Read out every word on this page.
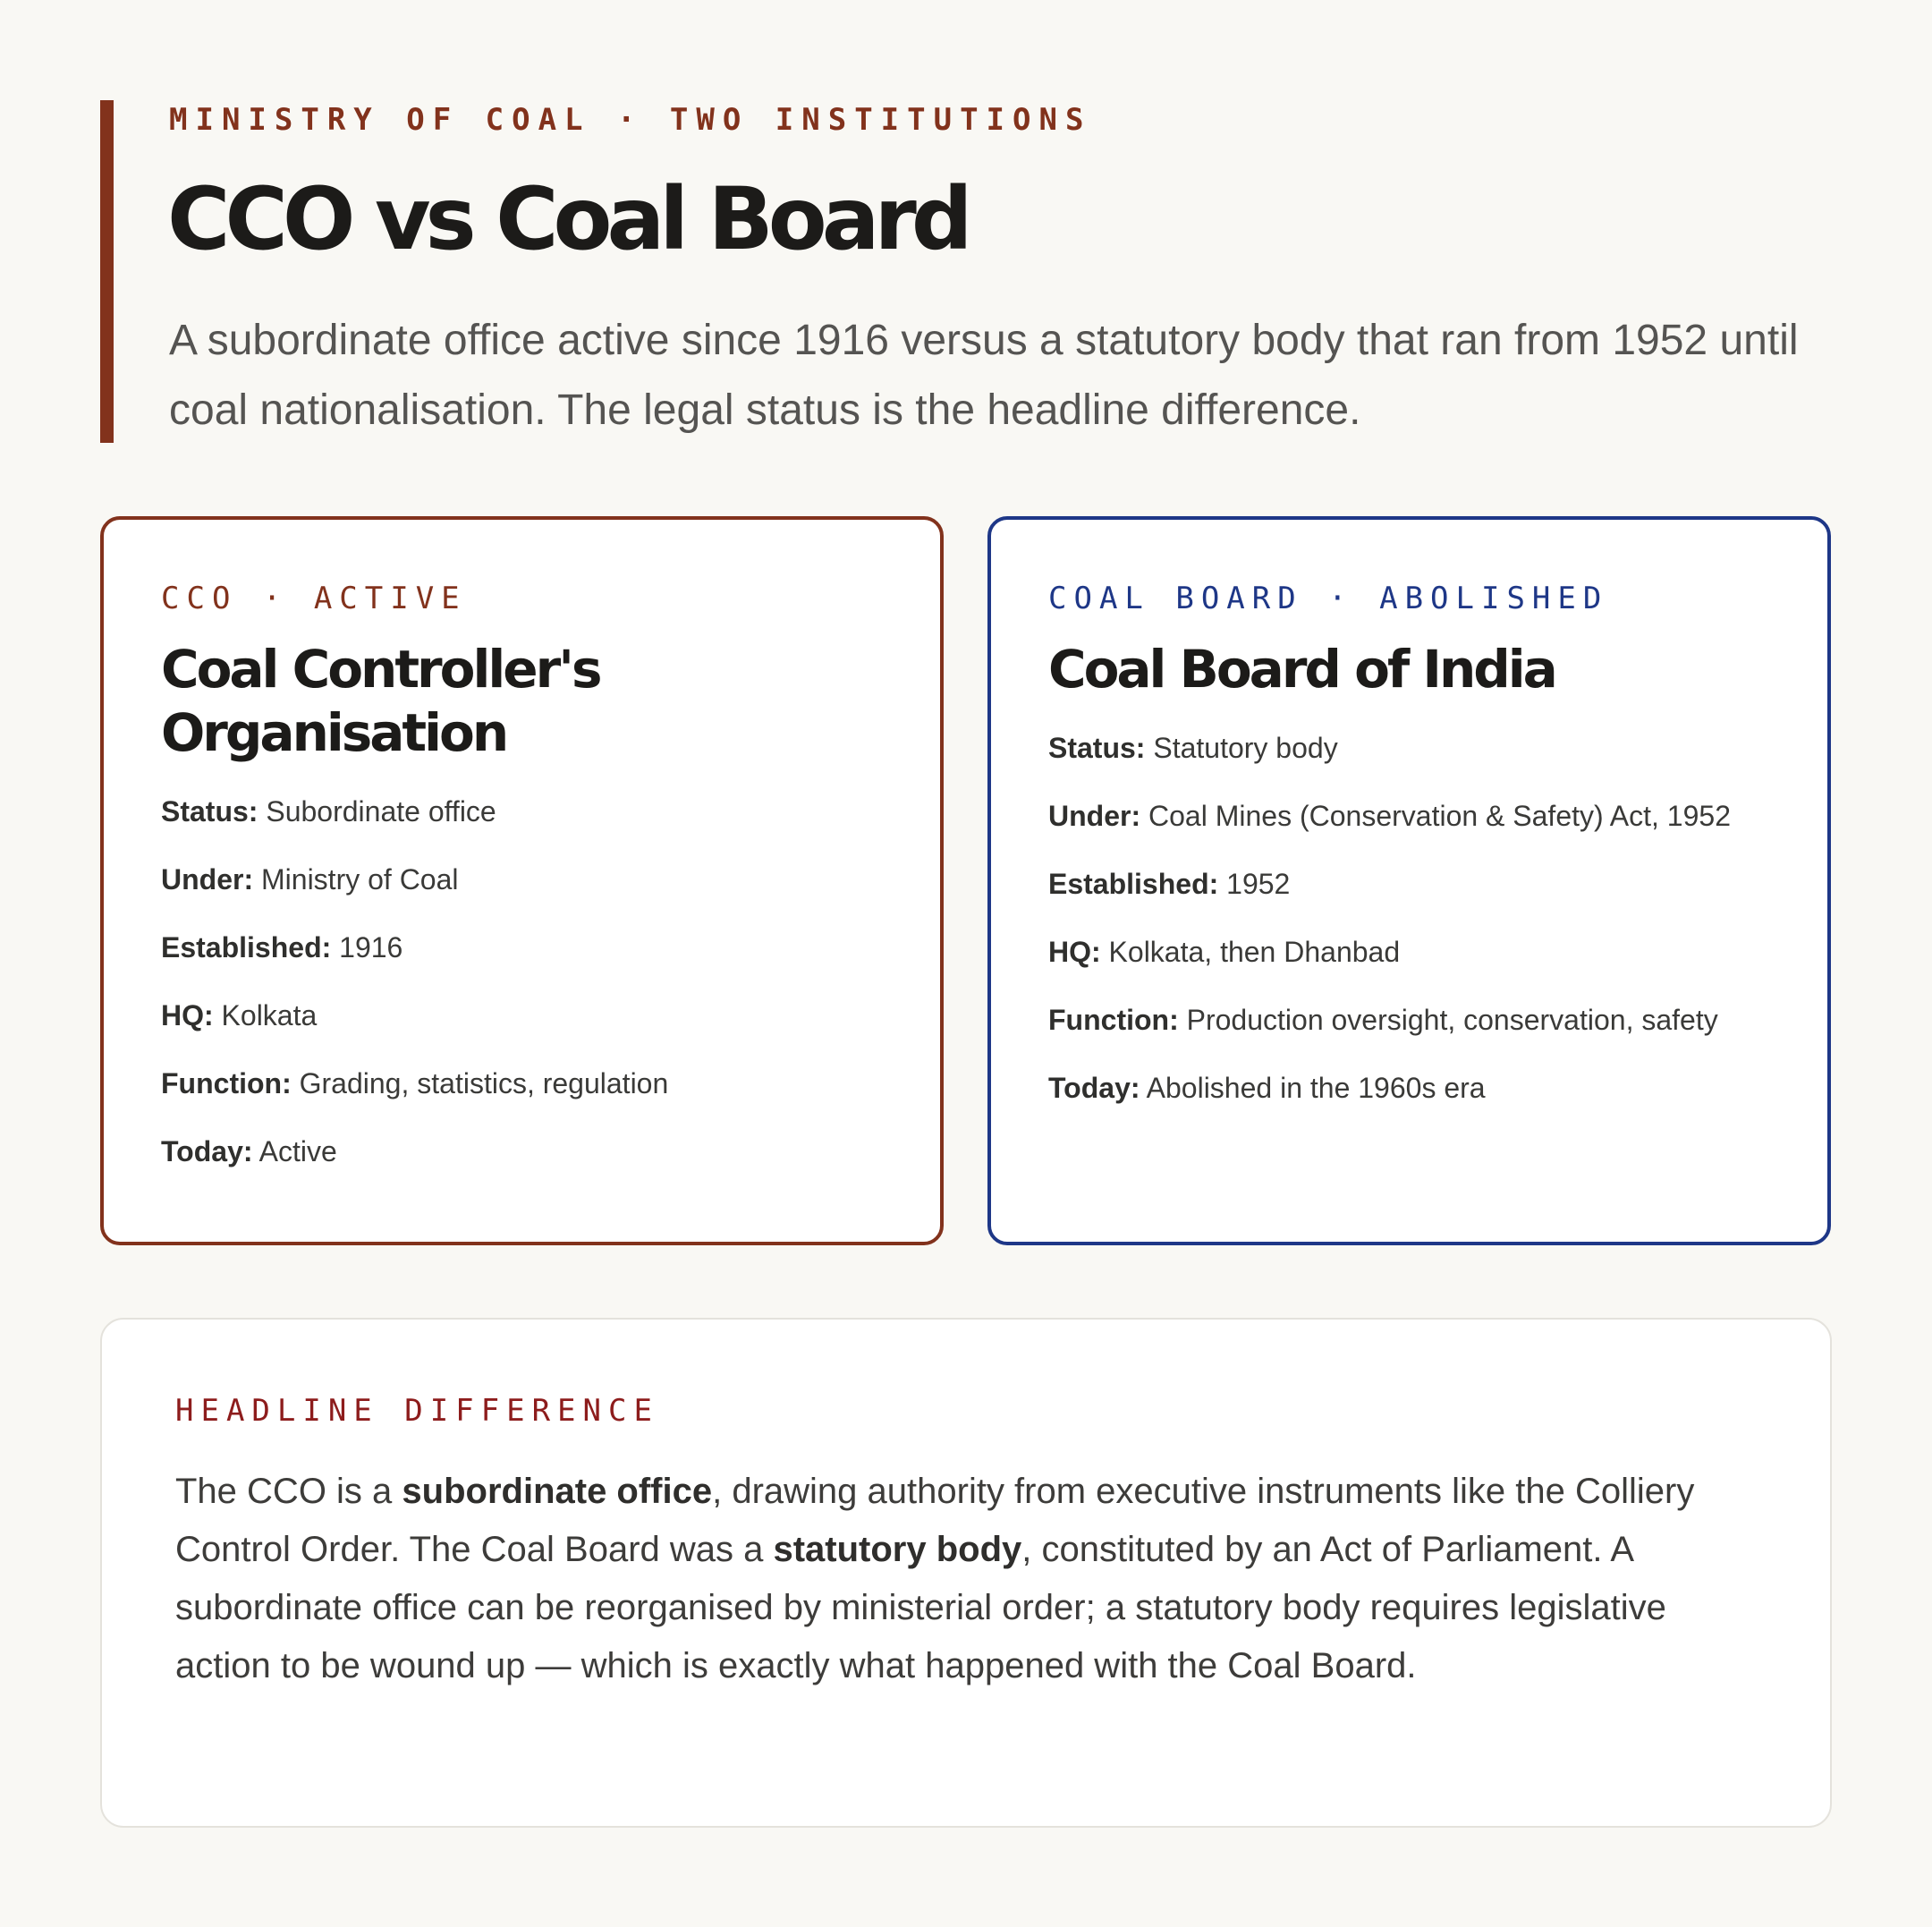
MINISTRY OF COAL · TWO INSTITUTIONS
CCO vs Coal Board

A subordinate office active since 1916 versus a statutory body that ran from 1952 until coal nationalisation. The legal status is the headline difference.

CCO · ACTIVE
Coal Controller's Organisation
Status: Subordinate office
Under: Ministry of Coal
Established: 1916
HQ: Kolkata
Function: Grading, statistics, regulation
Today: Active
COAL BOARD · ABOLISHED
Coal Board of India
Status: Statutory body
Under: Coal Mines (Conservation & Safety) Act, 1952
Established: 1952
HQ: Kolkata, then Dhanbad
Function: Production oversight, conservation, safety
Today: Abolished in the 1960s era
HEADLINE DIFFERENCE

The CCO is a subordinate office, drawing authority from executive instruments like the Colliery Control Order. The Coal Board was a statutory body, constituted by an Act of Parliament. A subordinate office can be reorganised by ministerial order; a statutory body requires legislative action to be wound up — which is exactly what happened with the Coal Board.
